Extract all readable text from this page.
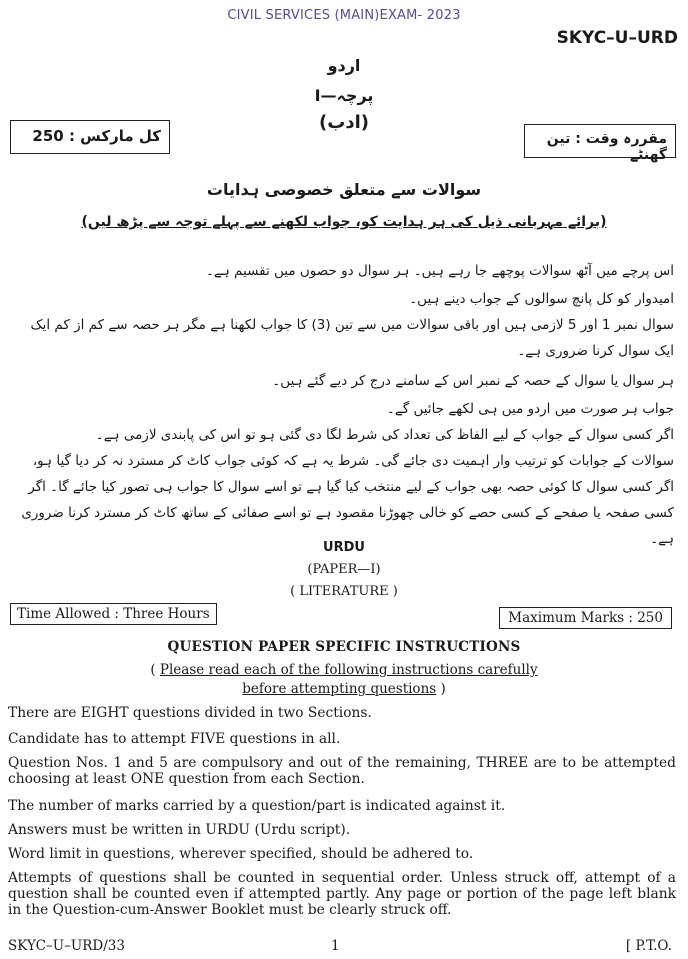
CIVIL SERVICES (MAIN)EXAM- 2023
SKYC–U–URD
اردو
پرچہ—I
(ادب)
کل مارکس : 250	مقررہ وقت : تین گھنٹے
سوالات سے متعلق خصوصی ہدایات
(برائے مہربانی ذیل کی ہر ہدایت کو، جواب لکھنے سے پہلے توجہ سے پڑھ لیں)
اس پرچے میں آٹھ سوالات پوچھے جا رہے ہیں۔ ہر سوال دو حصوں میں تقسیم ہے۔
امیدوار کو کل پانچ سوالوں کے جواب دینے ہیں۔
سوال نمبر 1 اور 5 لازمی ہیں اور باقی سوالات میں سے تین (3) کا جواب لکھنا ہے مگر ہر حصہ سے کم از کم ایک ایک سوال کرنا ضروری ہے۔
ہر سوال یا سوال کے حصہ کے نمبر اس کے سامنے درج کر دیے گئے ہیں۔
جواب ہر صورت میں اردو میں ہی لکھے جائیں گے۔
اگر کسی سوال کے جواب کے لیے الفاظ کی تعداد کی شرط لگا دی گئی ہو تو اس کی پابندی لازمی ہے۔
سوالات کے جوابات کو ترتیب وار اہمیت دی جائے گی۔ شرط یہ ہے کہ کوئی جواب کاٹ کر مسترد نہ کر دیا گیا ہو، اگر کسی سوال کا کوئی حصہ بھی جواب کے لیے منتخب کیا گیا ہے تو اسے سوال کا جواب ہی تصور کیا جائے گا۔ اگر کسی صفحہ یا صفحے کے کسی حصے کو خالی چھوڑنا مقصود ہے تو اسے صفائی کے ساتھ کاٹ کر مسترد کرنا ضروری ہے۔
URDU
(PAPER—I)
( LITERATURE )
Time Allowed : Three Hours	Maximum Marks : 250
QUESTION PAPER SPECIFIC INSTRUCTIONS
( Please read each of the following instructions carefully
before attempting questions )
There are EIGHT questions divided in two Sections.
Candidate has to attempt FIVE questions in all.
Question Nos. 1 and 5 are compulsory and out of the remaining, THREE are to be attempted choosing at least ONE question from each Section.
The number of marks carried by a question/part is indicated against it.
Answers must be written in URDU (Urdu script).
Word limit in questions, wherever specified, should be adhered to.
Attempts of questions shall be counted in sequential order. Unless struck off, attempt of a question shall be counted even if attempted partly. Any page or portion of the page left blank in the Question-cum-Answer Booklet must be clearly struck off.
SKYC–U–URD/33	1	[ P.T.O.
